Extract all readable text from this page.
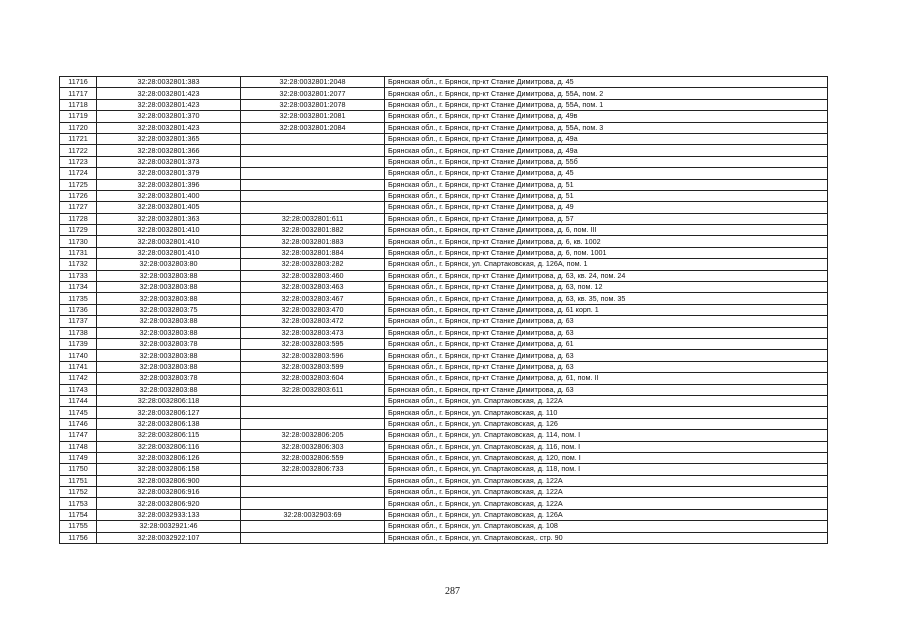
11716	32:28:0032801:383	32:28:0032801:2048	Брянская обл., г. Брянск, пр-кт Станке Димитрова, д. 45
11717	32:28:0032801:423	32:28:0032801:2077	Брянская обл., г. Брянск, пр-кт Станке Димитрова, д. 55А, пом. 2
11718	32:28:0032801:423	32:28:0032801:2078	Брянская обл., г. Брянск, пр-кт Станке Димитрова, д. 55А, пом. 1
11719	32:28:0032801:370	32:28:0032801:2081	Брянская обл., г. Брянск, пр-кт Станке Димитрова, д. 49в
11720	32:28:0032801:423	32:28:0032801:2084	Брянская обл., г. Брянск, пр-кт Станке Димитрова, д. 55А, пом. 3
11721	32:28:0032801:365		Брянская обл., г. Брянск, пр-кт Станке Димитрова, д. 49а
11722	32:28:0032801:366		Брянская обл., г. Брянск, пр-кт Станке Димитрова, д. 49а
11723	32:28:0032801:373		Брянская обл., г. Брянск, пр-кт Станке Димитрова, д. 55б
11724	32:28:0032801:379		Брянская обл., г. Брянск, пр-кт Станке Димитрова, д. 45
11725	32:28:0032801:396		Брянская обл., г. Брянск, пр-кт Станке Димитрова, д. 51
11726	32:28:0032801:400		Брянская обл., г. Брянск, пр-кт Станке Димитрова, д. 51
11727	32:28:0032801:405		Брянская обл., г. Брянск, пр-кт Станке Димитрова, д. 49
11728	32:28:0032801:363	32:28:0032801:611	Брянская обл., г. Брянск, пр-кт Станке Димитрова, д. 57
11729	32:28:0032801:410	32:28:0032801:882	Брянская обл., г. Брянск, пр-кт Станке Димитрова, д. 6, пом. III
11730	32:28:0032801:410	32:28:0032801:883	Брянская обл., г. Брянск, пр-кт Станке Димитрова, д. 6, кв. 1002
11731	32:28:0032801:410	32:28:0032801:884	Брянская обл., г. Брянск, пр-кт Станке Димитрова, д. 6, пом. 1001
11732	32:28:0032803:80	32:28:0032803:282	Брянская обл., г. Брянск, ул. Спартаковская, д. 126А, пом. 1
11733	32:28:0032803:88	32:28:0032803:460	Брянская обл., г. Брянск, пр-кт Станке Димитрова, д. 63, кв. 24, пом. 24
11734	32:28:0032803:88	32:28:0032803:463	Брянская обл., г. Брянск, пр-кт Станке Димитрова, д. 63, пом. 12
11735	32:28:0032803:88	32:28:0032803:467	Брянская обл., г. Брянск, пр-кт Станке Димитрова, д. 63, кв. 35, пом. 35
11736	32:28:0032803:75	32:28:0032803:470	Брянская обл., г. Брянск, пр-кт Станке Димитрова, д. 61 корп. 1
11737	32:28:0032803:88	32:28:0032803:472	Брянская обл., г. Брянск, пр-кт Станке Димитрова, д. 63
11738	32:28:0032803:88	32:28:0032803:473	Брянская обл., г. Брянск, пр-кт Станке Димитрова, д. 63
11739	32:28:0032803:78	32:28:0032803:595	Брянская обл., г. Брянск, пр-кт Станке Димитрова, д. 61
11740	32:28:0032803:88	32:28:0032803:596	Брянская обл., г. Брянск, пр-кт Станке Димитрова, д. 63
11741	32:28:0032803:88	32:28:0032803:599	Брянская обл., г. Брянск, пр-кт Станке Димитрова, д. 63
11742	32:28:0032803:78	32:28:0032803:604	Брянская обл., г. Брянск, пр-кт Станке Димитрова, д. 61, пом. II
11743	32:28:0032803:88	32:28:0032803:611	Брянская обл., г. Брянск, пр-кт Станке Димитрова, д. 63
11744	32:28:0032806:118		Брянская обл., г. Брянск, ул. Спартаковская, д. 122А
11745	32:28:0032806:127		Брянская обл., г. Брянск, ул. Спартаковская, д. 110
11746	32:28:0032806:138		Брянская обл., г. Брянск, ул. Спартаковская, д. 126
11747	32:28:0032806:115	32:28:0032806:205	Брянская обл., г. Брянск, ул. Спартаковская, д. 114, пом. I
11748	32:28:0032806:116	32:28:0032806:303	Брянская обл., г. Брянск, ул. Спартаковская, д. 116, пом. I
11749	32:28:0032806:126	32:28:0032806:559	Брянская обл., г. Брянск, ул. Спартаковская, д. 120, пом. I
11750	32:28:0032806:158	32:28:0032806:733	Брянская обл., г. Брянск, ул. Спартаковская, д. 118, пом. I
11751	32:28:0032806:900		Брянская обл., г. Брянск, ул. Спартаковская, д. 122А
11752	32:28:0032806:916		Брянская обл., г. Брянск, ул. Спартаковская, д. 122А
11753	32:28:0032806:920		Брянская обл., г. Брянск, ул. Спартаковская, д. 122А
11754	32:28:0032933:133	32:28:0032903:69	Брянская обл., г. Брянск, ул. Спартаковская, д. 126А
11755	32:28:0032921:46		Брянская обл., г. Брянск, ул. Спартаковская, д. 108
11756	32:28:0032922:107		Брянская обл., г. Брянск, ул. Спартаковская,. стр. 90
287
